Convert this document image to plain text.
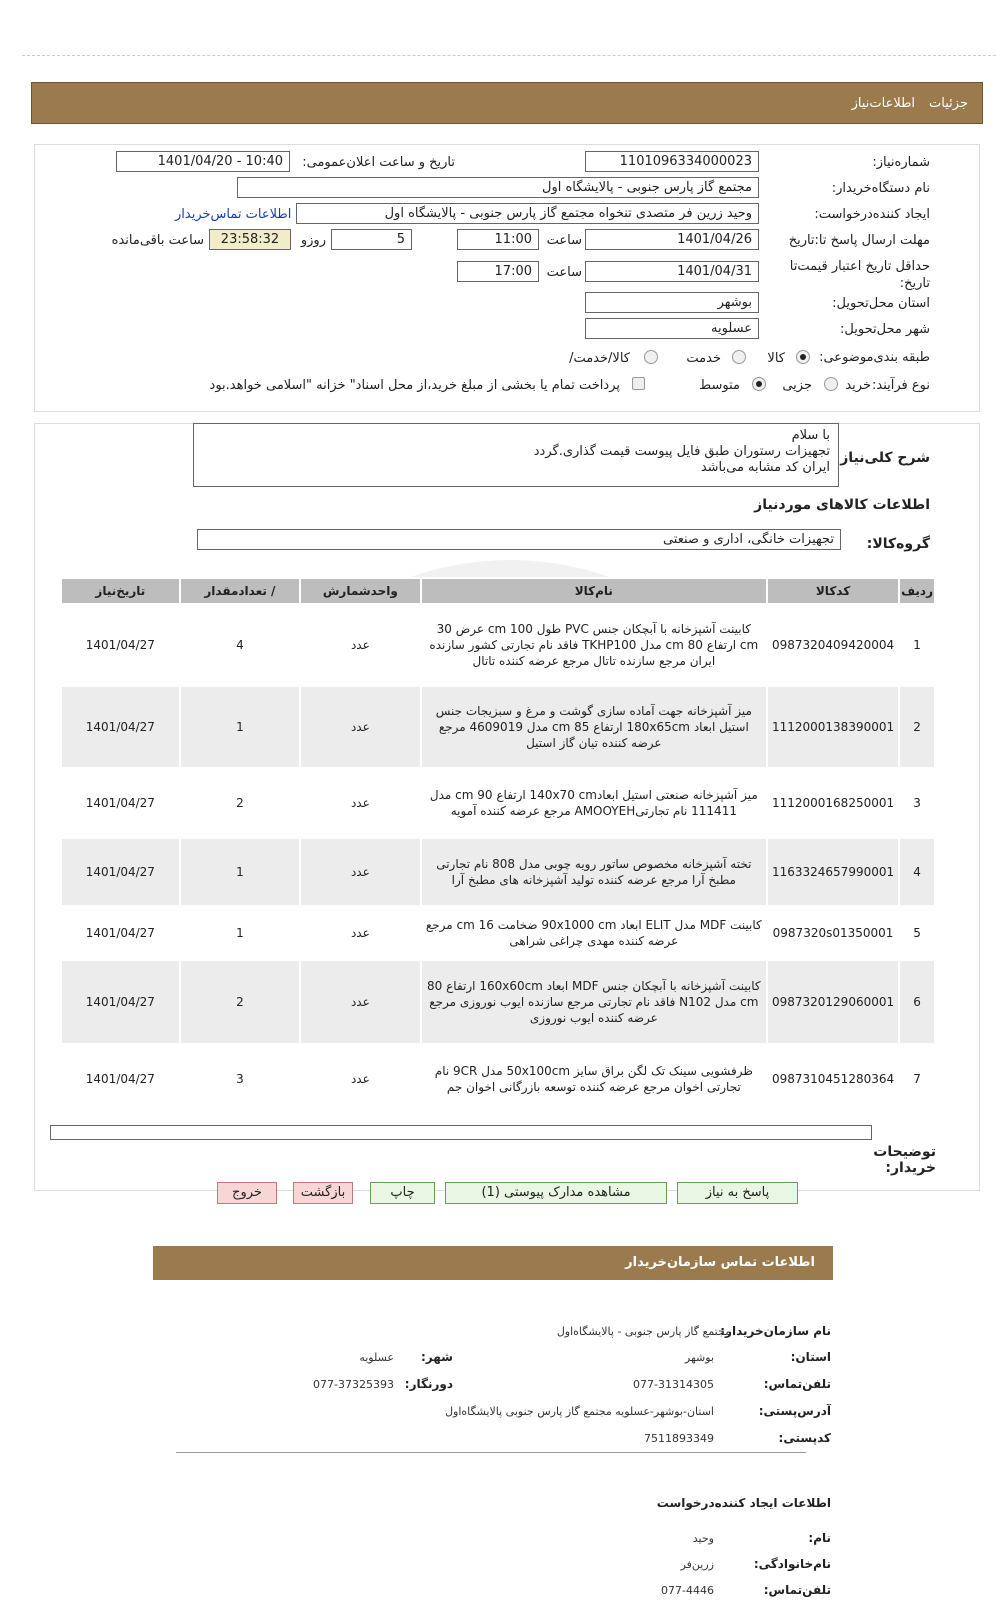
جزئیات
اطلاعات‌نیاز
شماره‌نیاز:
1101096334000023
تاریخ و ساعت اعلان‌عمومی:
1401/04/20 - 10:40
نام دستگاه‌خریدار:
مجتمع گاز پارس جنوبی - پالایشگاه اول
ایجاد کننده‌درخواست:
وحید زرین فر متصدی تنخواه مجتمع گاز پارس جنوبی - پالایشگاه اول
اطلاعات تماس‌خریدار
مهلت ارسال پاسخ تا:تاریخ
1401/04/26
ساعت
11:00
5
روزو
23:58:32
ساعت باقی‌مانده
حداقل تاریخ اعتبار قیمت‌تا تاریخ:
1401/04/31
ساعت
17:00
استان محل‌تحویل:
بوشهر
شهر محل‌تحویل:
عسلویه
طبقه بندی‌موضوعی:
کالا
خدمت
کالا/خدمت/
نوع فرآیند:
خرید
جزیی
متوسط
پرداخت تمام یا بخشی از مبلغ خرید،از محل اسناد" خزانه "اسلامی خواهد.بود
شرح کلی‌نیاز
با سلام
تجهیزات رستوران طبق فایل پیوست قیمت گذاری.گردد
ایران کد مشابه می‌باشد
اطلاعات کالاهای موردنیاز
گروه‌کالا:
تجهیزات خانگی، اداری و صنعتی
ردیف	کدکالا	نام‌کالا	واحدشمارش	/ تعدادمقدار	تاریخ‌نیاز
1	0987320409420004	کابینت آشپزخانه با آبچکان جنس PVC طول 100 cm عرض 30 cm ارتفاع 80 cm مدل TKHP100 فاقد نام تجارتی کشور سازنده ایران مرجع سازنده تاتال مرجع عرضه کننده تاتال	عدد	4	1401/04/27
2	1112000138390001	میز آشپزخانه جهت آماده سازی گوشت و مرغ و سبزیجات جنس استیل ابعاد 180x65cm ارتفاع 85 cm مدل 4609019 مرجع عرضه کننده تیان گاز استیل	عدد	1	1401/04/27
3	1112000168250001	میز آشپزخانه صنعتی استیل ابعاد140x70 cm ارتفاع 90 cm مدل 111411 نام تجارتیAMOOYEH مرجع عرضه کننده آمویه	عدد	2	1401/04/27
4	1163324657990001	تخته آشپزخانه مخصوص ساتور رویه چوبی مدل 808 نام تجارتی مطبخ آرا مرجع عرضه کننده تولید آشپزخانه های مطبخ آرا	عدد	1	1401/04/27
5	0987320s01350001	کابینت MDF مدل ELIT ابعاد 90x1000 cm ضخامت 16 cm مرجع عرضه کننده مهدی چراغی شراهی	عدد	1	1401/04/27
6	0987320129060001	کابینت آشپزخانه با آبچکان جنس MDF ابعاد 160x60cm ارتفاع 80 cm مدل N102 فاقد نام تجارتی مرجع سازنده ایوب نوروزی مرجع عرضه کننده ایوب نوروزی	عدد	2	1401/04/27
7	0987310451280364	ظرفشویی سینک تک لگن براق سایز 50x100cm مدل 9CR نام تجارتی اخوان مرجع عرضه کننده توسعه بازرگانی اخوان جم	عدد	3	1401/04/27
توضیحات خریدار:
پاسخ به نیاز
مشاهده مدارک پیوستی (1)
چاپ
بازگشت
خروج
اطلاعات تماس سازمان‌خریدار
نام سازمان‌خریدار:
مجتمع گاز پارس جنوبی - پالایشگاه‌اول
استان:
بوشهر
شهر:
عسلویه
تلفن‌تماس:
077-31314305
دورنگار:
077-37325393
آدرس‌پستی:
استان-بوشهر-عسلویه مجتمع گاز پارس جنوبی پالایشگاه‌اول
کد‌پستی:
7511893349
اطلاعات ایجاد کننده‌درخواست
نام:
وحید
نام‌خانوادگی:
زرین‌فر
تلفن‌تماس:
077-4446
